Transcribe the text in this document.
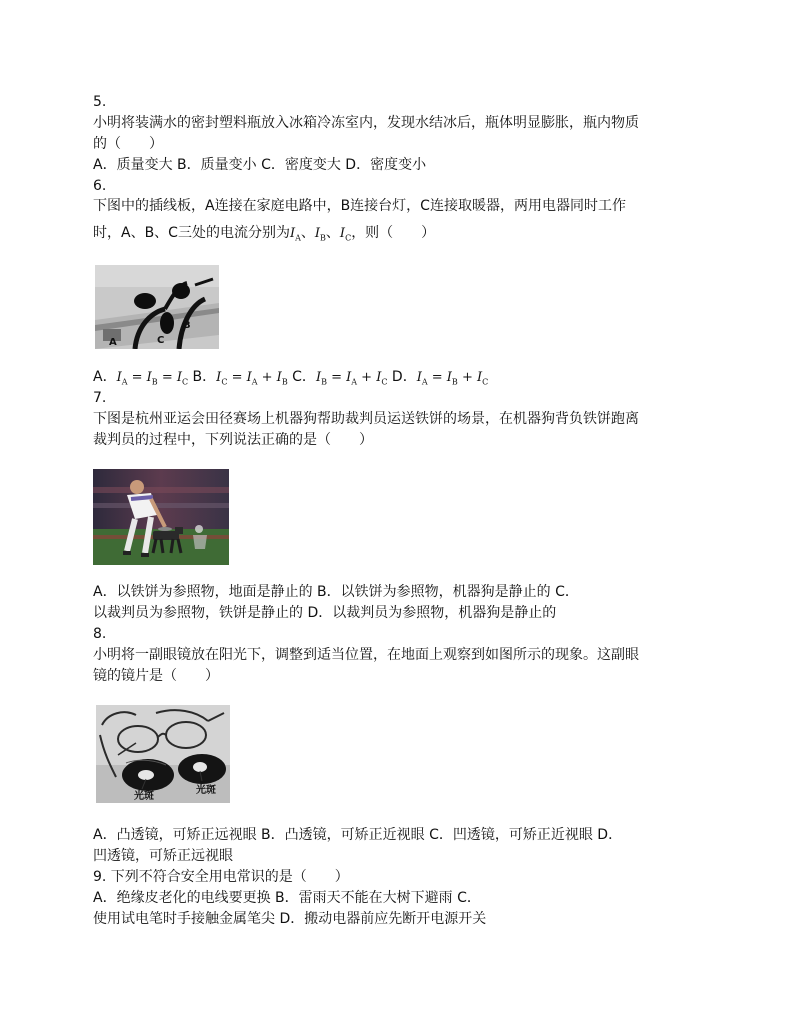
5.
小明将装满水的密封塑料瓶放入冰箱冷冻室内，发现水结冰后，瓶体明显膨胀，瓶内物质
的（　　）
A．质量变大 B．质量变小 C．密度变大 D．密度变小
6.
下图中的插线板，A连接在家庭电路中，B连接台灯，C连接取暖器，两用电器同时工作
时，A、B、C三处的电流分别为$I_A$、$I_B$、$I_C$，则（　　）
A	C
B
A．$I_A = I_B = I_C$ B．$I_C = I_A + I_B$ C．$I_B = I_A + I_C$ D．$I_A = I_B + I_C$
7.
下图是杭州亚运会田径赛场上机器狗帮助裁判员运送铁饼的场景，在机器狗背负铁饼跑离
裁判员的过程中，下列说法正确的是（　　）
A．以铁饼为参照物，地面是静止的 B．以铁饼为参照物，机器狗是静止的 C．
以裁判员为参照物，铁饼是静止的 D．以裁判员为参照物，机器狗是静止的
8.
小明将一副眼镜放在阳光下，调整到适当位置，在地面上观察到如图所示的现象。这副眼
镜的镜片是（　　）
光斑
光斑
A．凸透镜，可矫正远视眼 B．凸透镜，可矫正近视眼 C．凹透镜，可矫正近视眼 D．
凹透镜，可矫正远视眼
9. 下列不符合安全用电常识的是（　　）
A．绝缘皮老化的电线要更换 B．雷雨天不能在大树下避雨 C．
使用试电笔时手接触金属笔尖 D．搬动电器前应先断开电源开关
